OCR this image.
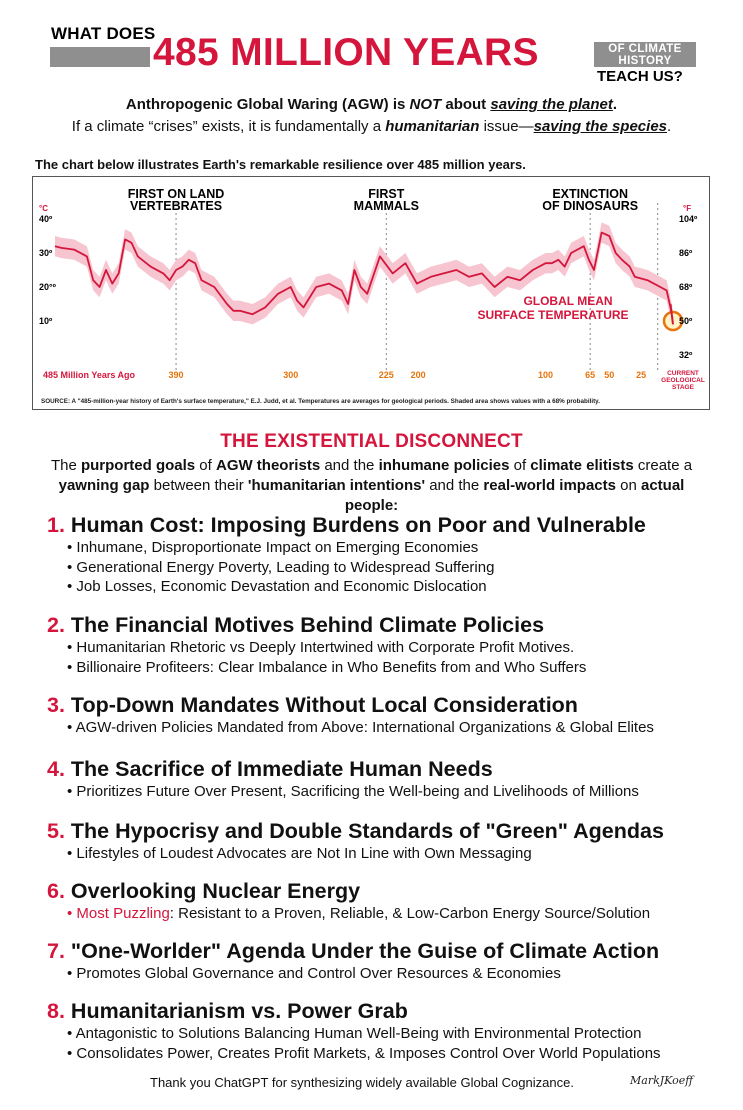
WHAT DOES
485 MILLION YEARS	OF CLIMATE
HISTORY
TEACH US?
Anthropogenic Global Waring (AGW) is NOT about saving the planet.
If a climate “crises” exists, it is fundamentally a humanitarian issue—saving the species.
The chart below illustrates Earth's remarkable resilience over 485 million years.
°C
40º
30º
20°º
10º
°F
104º
86º
68º
50º
32º
FIRST ON LAND
VERTEBRATES
FIRST
MAMMALS
EXTINCTION
OF DINOSAURS
485 Million Years Ago	390	300	225 200	100	65 50 25	CURRENT
GEOLOGICAL
STAGE
GLOBAL MEAN
SURFACE TEMPERATURE
SOURCE: A "485-million-year history of Earth's surface temperature," E.J. Judd, et al. Temperatures are averages for geological periods. Shaded area shows values with a 68% probability.
THE EXISTENTIAL DISCONNECT
The purported goals of AGW theorists and the inhumane policies of climate elitists create a
yawning gap between their 'humanitarian intentions' and the real-world impacts on actual people:
1. Human Cost: Imposing Burdens on Poor and Vulnerable
• Inhumane, Disproportionate Impact on Emerging Economies
• Generational Energy Poverty, Leading to Widespread Suffering
• Job Losses, Economic Devastation and Economic Dislocation
2. The Financial Motives Behind Climate Policies
• Humanitarian Rhetoric vs Deeply Intertwined with Corporate Profit Motives.
• Billionaire Profiteers: Clear Imbalance in Who Benefits from and Who Suffers
3. Top-Down Mandates Without Local Consideration
• AGW-driven Policies Mandated from Above: International Organizations & Global Elites
4. The Sacrifice of Immediate Human Needs
• Prioritizes Future Over Present, Sacrificing the Well-being and Livelihoods of Millions
5. The Hypocrisy and Double Standards of "Green" Agendas
• Lifestyles of Loudest Advocates are Not In Line with Own Messaging
6. Overlooking Nuclear Energy
• Most Puzzling: Resistant to a Proven, Reliable, & Low-Carbon Energy Source/Solution
7. "One-Worlder" Agenda Under the Guise of Climate Action
• Promotes Global Governance and Control Over Resources & Economies
8. Humanitarianism vs. Power Grab
• Antagonistic to Solutions Balancing Human Well-Being with Environmental Protection
• Consolidates Power, Creates Profit Markets, & Imposes Control Over World Populations
Thank you ChatGPT for synthesizing widely available Global Cognizance.	MarkJKoeff
